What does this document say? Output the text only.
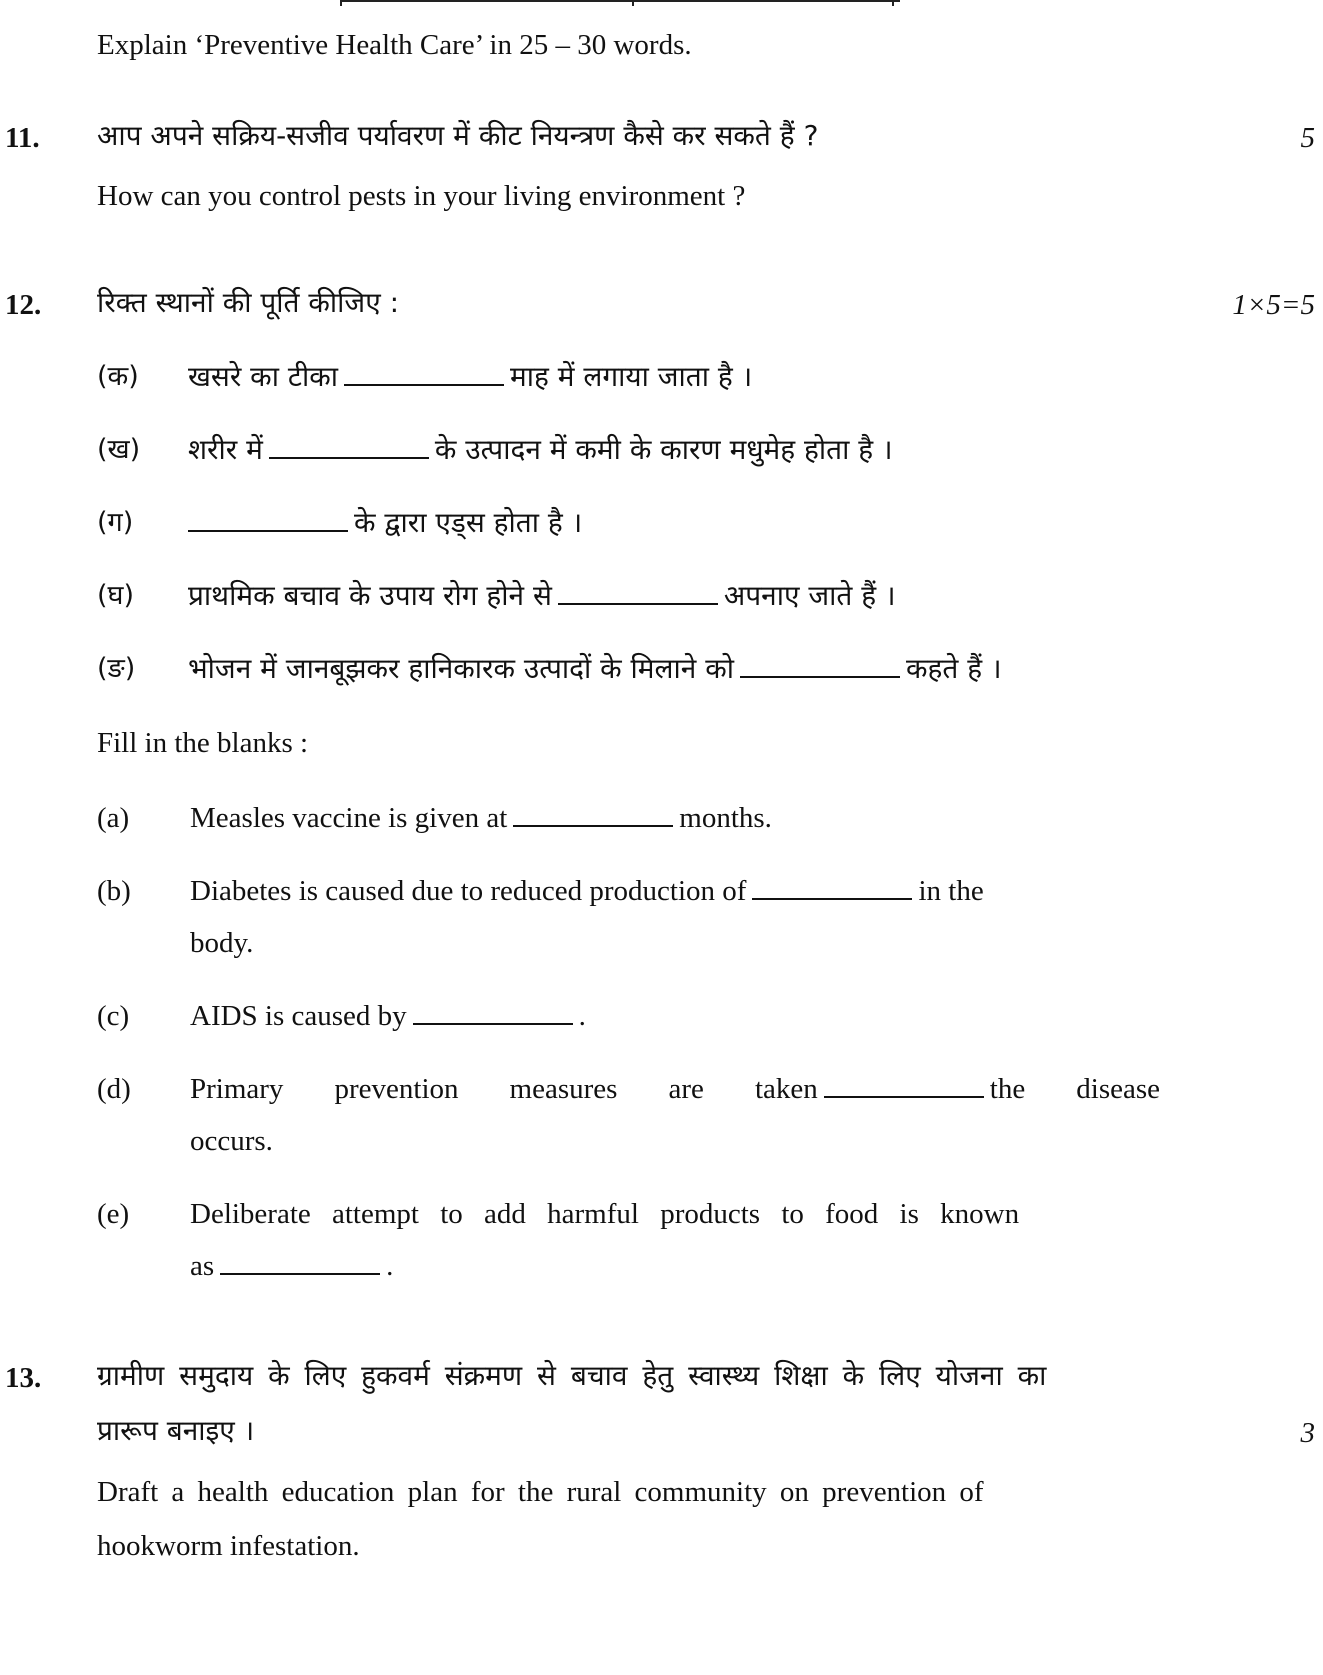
Explain ‘Preventive Health Care’ in 25 – 30 words.
11. आप अपने सक्रिय-सजीव पर्यावरण में कीट नियन्त्रण कैसे कर सकते हैं ?	5
How can you control pests in your living environment ?
12. रिक्त स्थानों की पूर्ति कीजिए :	1×5=5
(क) खसरे का टीका	माह में लगाया जाता है ।
(ख) शरीर में	के उत्पादन में कमी के कारण मधुमेह होता है ।
(ग)	के द्वारा एड्स होता है ।
(घ) प्राथमिक बचाव के उपाय रोग होने से	अपनाए जाते हैं ।
(ङ) भोजन में जानबूझकर हानिकारक उत्पादों के मिलाने को	कहते हैं ।
Fill in the blanks :
(a) Measles vaccine is given at	months.
(b) Diabetes is caused due to reduced production of	in the
body.
(c) AIDS is caused by	.
(d) Primary prevention measures are taken	the disease
occurs.
(e) Deliberate attempt to add harmful products to food is known
as	.
13. ग्रामीण समुदाय के लिए हुकवर्म संक्रमण से बचाव हेतु स्वास्थ्य शिक्षा के लिए योजना का
प्रारूप बनाइए ।	3
Draft a health education plan for the rural community on prevention of
hookworm infestation.
